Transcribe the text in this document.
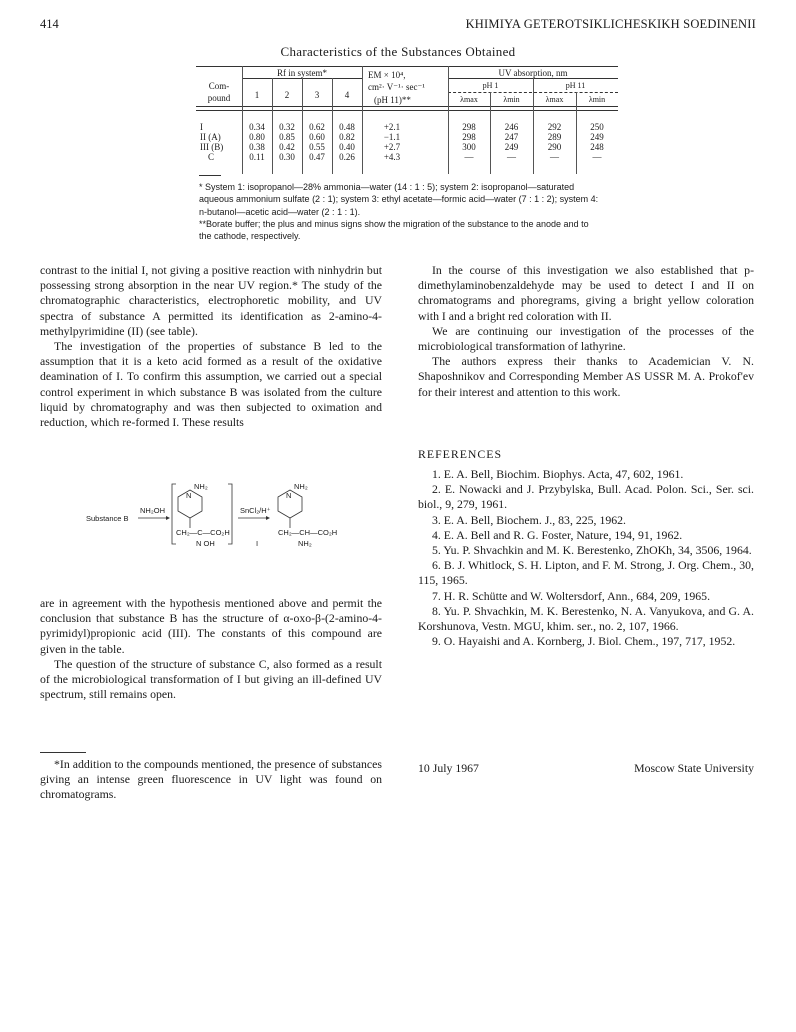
414	KHIMIYA GETEROTSIKLICHESKIKH SOEDINENII
Characteristics of the Substances Obtained
Com-
pound
Rf in system*
1	2	3	4
EM × 10⁴,
cm²· V⁻¹· sec⁻¹
(pH 11)**
UV absorption, nm
pH 1	pH 11
λmax	λmin	λmax	λmin
I	0.34	0.32	0.62	0.48	+2.1	298	246	292	250
II (A)	0.80	0.85	0.60	0.82	−1.1	298	247	289	249
III (B)	0.38	0.42	0.55	0.40	+2.7	300	249	290	248
C	0.11	0.30	0.47	0.26	+4.3	—	—	—	—

* System 1: isopropanol—28% ammonia—water (14 : 1 : 5); system 2: isopropanol—saturated aqueous ammonium sulfate (2 : 1); system 3: ethyl acetate—formic acid—water (7 : 1 : 2); system 4: n-butanol—acetic acid—water (2 : 1 : 1).

**Borate buffer; the plus and minus signs show the migration of the substance to the anode and to the cathode, respectively.

contrast to the initial I, not giving a positive reaction with ninhydrin but possessing strong absorption in the near UV region.* The study of the chromatographic characteristics, electrophoretic mobility, and UV spectra of substance A permitted its identification as 2-amino-4-methylpyrimidine (II) (see table).

The investigation of the properties of substance B led to the assumption that it is a keto acid formed as a result of the oxidative deamination of I. To confirm this assumption, we carried out a special control experiment in which substance B was isolated from the culture liquid by chromatography and was then subjected to oximation and reduction, which re-formed I. These results

Substance B
NH₂OH	SnCl₂/H⁺
NH₂	NH₂
N	N
CH₂—C—CO₂H
N OH
CH₂—CH—CO₂H
NH₂
I

are in agreement with the hypothesis mentioned above and permit the conclusion that substance B has the structure of α-oxo-β-(2-amino-4-pyrimidyl)propionic acid (III). The constants of this compound are given in the table.

The question of the structure of substance C, also formed as a result of the microbiological transformation of I but giving an ill-defined UV spectrum, still remains open.

*In addition to the compounds mentioned, the presence of substances giving an intense green fluorescence in UV light was found on chromatograms.

In the course of this investigation we also established that p-dimethylaminobenzaldehyde may be used to detect I and II on chromatograms and phoregrams, giving a bright yellow coloration with I and a bright red coloration with II.

We are continuing our investigation of the processes of the microbiological transformation of lathyrine.

The authors express their thanks to Academician V. N. Shaposhnikov and Corresponding Member AS USSR M. A. Prokof'ev for their interest and attention to this work.

REFERENCES

1. E. A. Bell, Biochim. Biophys. Acta, 47, 602, 1961.

2. E. Nowacki and J. Przybylska, Bull. Acad. Polon. Sci., Ser. sci. biol., 9, 279, 1961.

3. E. A. Bell, Biochem. J., 83, 225, 1962.

4. E. A. Bell and R. G. Foster, Nature, 194, 91, 1962.

5. Yu. P. Shvachkin and M. K. Berestenko, ZhOKh, 34, 3506, 1964.

6. B. J. Whitlock, S. H. Lipton, and F. M. Strong, J. Org. Chem., 30, 115, 1965.

7. H. R. Schütte and W. Woltersdorf, Ann., 684, 209, 1965.

8. Yu. P. Shvachkin, M. K. Berestenko, N. A. Vanyukova, and G. A. Korshunova, Vestn. MGU, khim. ser., no. 2, 107, 1966.

9. O. Hayaishi and A. Kornberg, J. Biol. Chem., 197, 717, 1952.

10 July 1967	Moscow State University
